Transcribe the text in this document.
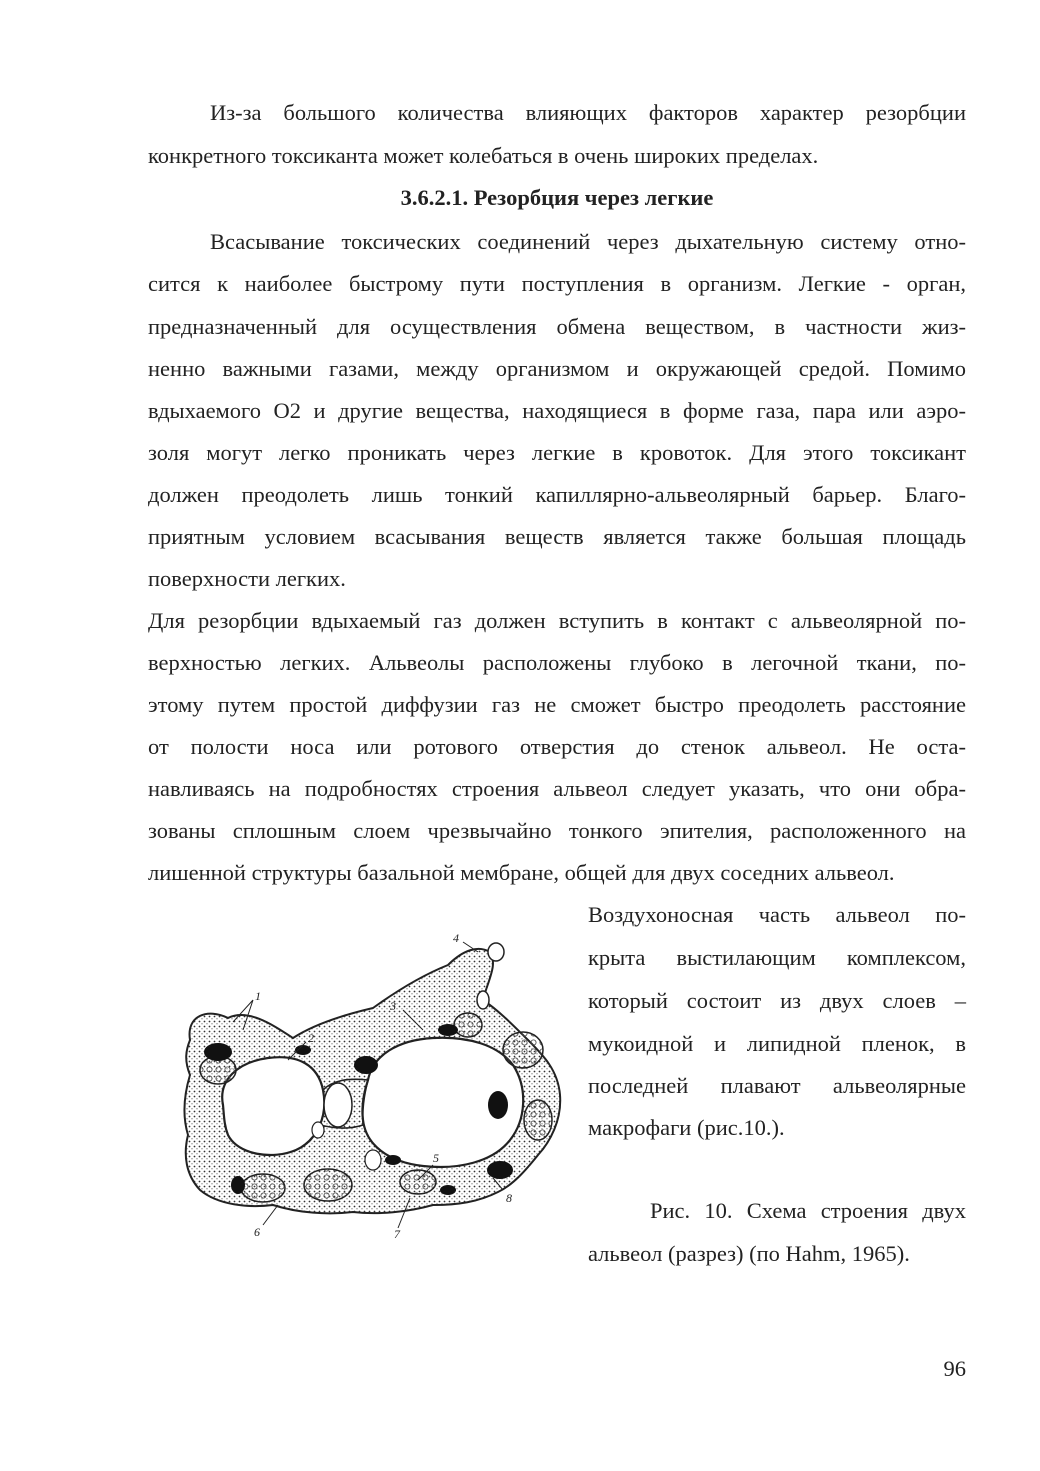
Из-за большого количества влияющих факторов характер резорбции
конкретного токсиканта может колебаться в очень широких пределах.
3.6.2.1. Резорбция через легкие
Всасывание токсических соединений через дыхательную систему отно-
сится к наиболее быстрому пути поступления в организм. Легкие - орган,
предназначенный для осуществления обмена веществом, в частности жиз-
ненно важными газами, между организмом и окружающей средой. Помимо
вдыхаемого О2 и другие вещества, находящиеся в форме газа, пара или аэро-
золя могут легко проникать через легкие в кровоток. Для этого токсикант
должен преодолеть лишь тонкий капиллярно-альвеолярный барьер. Благо-
приятным условием всасывания веществ является также большая площадь
поверхности легких.
Для резорбции вдыхаемый газ должен вступить в контакт с альвеолярной по-
верхностью легких. Альвеолы расположены глубоко в легочной ткани, по-
этому путем простой диффузии газ не сможет быстро преодолеть расстояние
от полости носа или ротового отверстия до стенок альвеол. Не оста-
навливаясь на подробностях строения альвеол следует указать, что они обра-
зованы сплошным слоем чрезвычайно тонкого эпителия, расположенного на
лишенной структуры базальной мембране, общей для двух соседних альвеол.
Воздухоносная часть альвеол по-
крыта выстилающим комплексом,
который состоит из двух слоев –
мукоидной и липидной пленок, в
последней плавают альвеолярные
макрофаги (рис.10.).
1
2
3
4
5
6	7
8	Рис. 10. Схема строения двух
альвеол (разрез) (по Hahm, 1965).
96
